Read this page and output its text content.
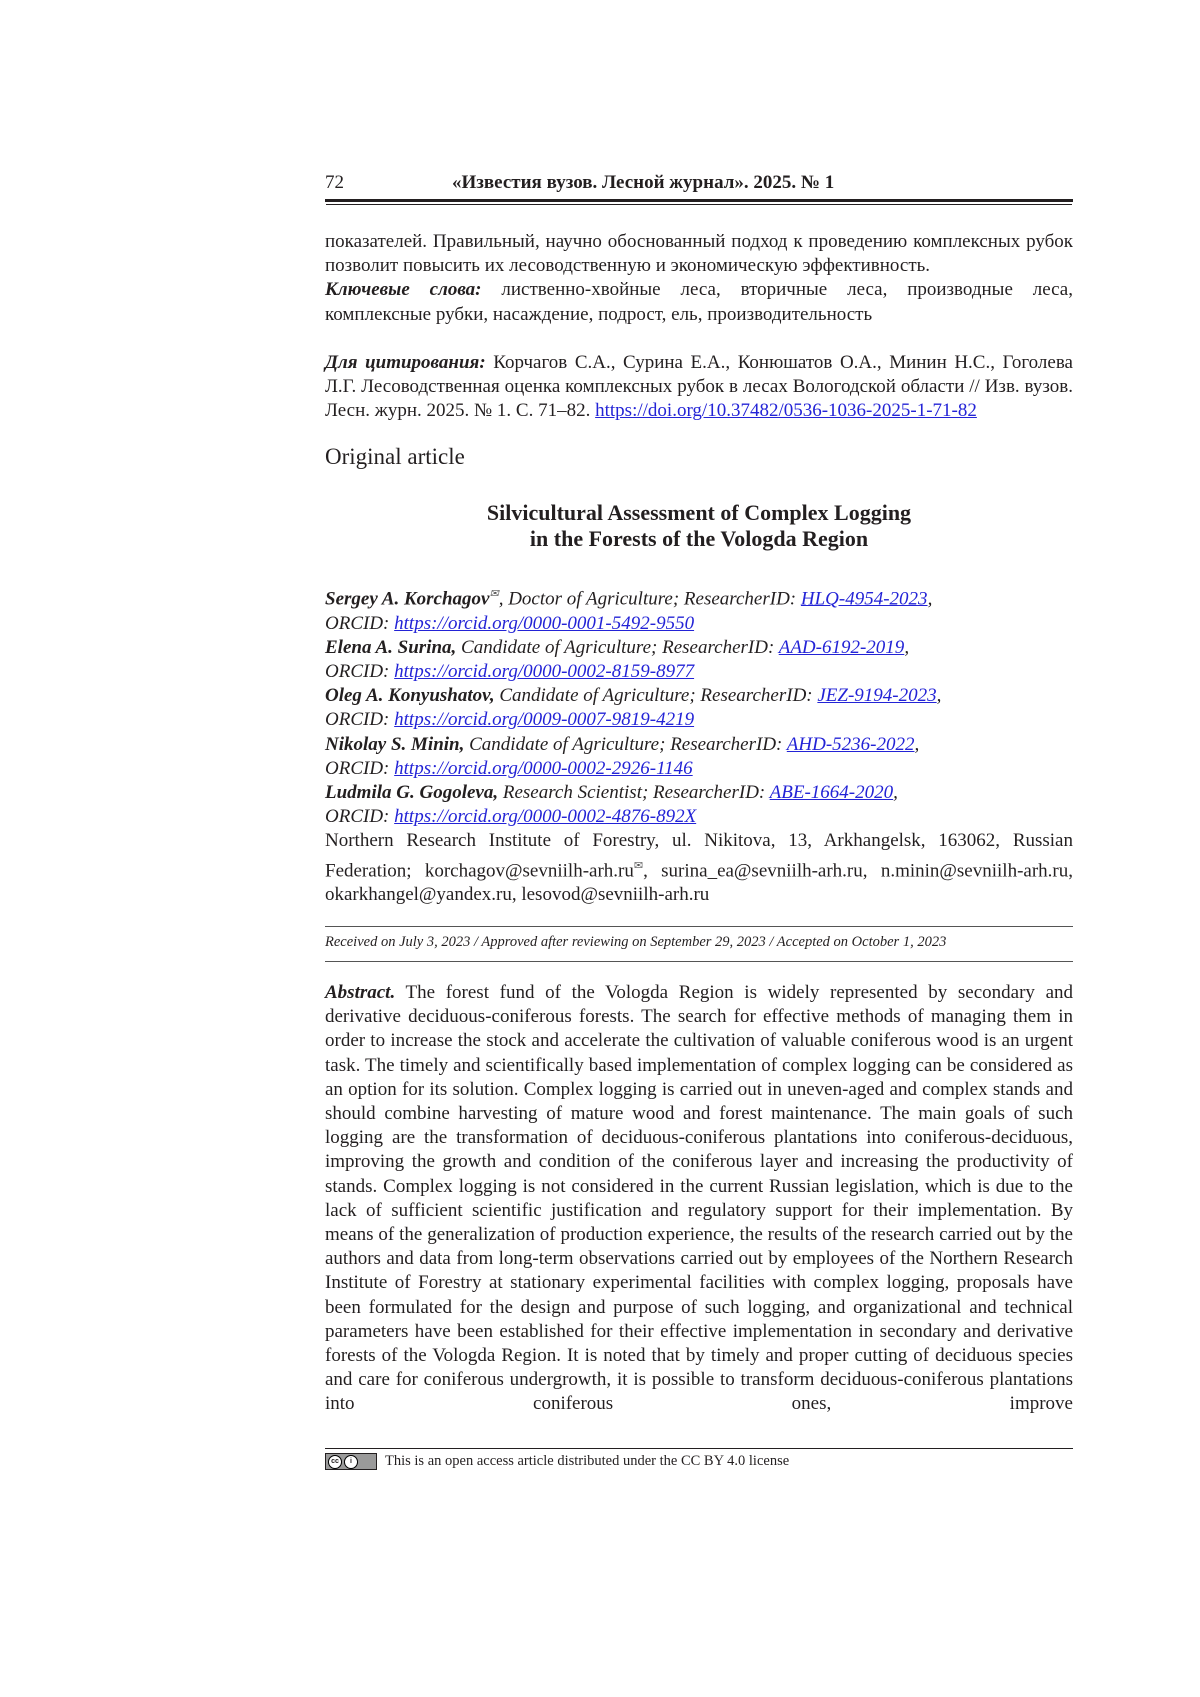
72	«Известия вузов. Лесной журнал». 2025. № 1

показателей. Правильный, научно обоснованный подход к проведению комплексных рубок позволит повысить их лесоводственную и экономическую эффективность.

Ключевые слова: лиственно-хвойные леса, вторичные леса, производные леса, комплексные рубки, насаждение, подрост, ель, производительность

Для цитирования: Корчагов С.А., Сурина Е.А., Конюшатов О.А., Минин Н.С., Гоголева Л.Г. Лесоводственная оценка комплексных рубок в лесах Вологодской области // Изв. вузов. Лесн. журн. 2025. № 1. С. 71–82. https://doi.org/10.37482/0536-1036-2025-1-71-82

Original article
Silvicultural Assessment of Complex Logging
in the Forests of the Vologda Region

Sergey A. Korchagov✉, Doctor of Agriculture; ResearcherID: HLQ-4954-2023,

ORCID: https://orcid.org/0000-0001-5492-9550

Elena A. Surina, Candidate of Agriculture; ResearcherID: AAD-6192-2019,

ORCID: https://orcid.org/0000-0002-8159-8977

Oleg A. Konyushatov, Candidate of Agriculture; ResearcherID: JEZ-9194-2023,

ORCID: https://orcid.org/0009-0007-9819-4219

Nikolay S. Minin, Candidate of Agriculture; ResearcherID: AHD-5236-2022,

ORCID: https://orcid.org/0000-0002-2926-1146

Ludmila G. Gogoleva, Research Scientist; ResearcherID: ABE-1664-2020,

ORCID: https://orcid.org/0000-0002-4876-892X

Northern Research Institute of Forestry, ul. Nikitova, 13, Arkhangelsk, 163062, Russian Federation; korchagov@sevniilh-arh.ru✉, surina_ea@sevniilh-arh.ru, n.minin@sevniilh-arh.ru, okarkhangel@yandex.ru, lesovod@sevniilh-arh.ru

Received on July 3, 2023 / Approved after reviewing on September 29, 2023 / Accepted on October 1, 2023

Abstract. The forest fund of the Vologda Region is widely represented by secondary and derivative deciduous-coniferous forests. The search for effective methods of managing them in order to increase the stock and accelerate the cultivation of valuable coniferous wood is an urgent task. The timely and scientifically based implementation of complex logging can be considered as an option for its solution. Complex logging is carried out in uneven-aged and complex stands and should combine harvesting of mature wood and forest maintenance. The main goals of such logging are the transformation of deciduous-coniferous plantations into coniferous-deciduous, improving the growth and condition of the coniferous layer and increasing the productivity of stands. Complex logging is not considered in the current Russian legislation, which is due to the lack of sufficient scientific justification and regulatory support for their implementation. By means of the generalization of production experience, the results of the research carried out by the authors and data from long-term observations carried out by employees of the Northern Research Institute of Forestry at stationary experimental facilities with complex logging, proposals have been formulated for the design and purpose of such logging, and organizational and technical parameters have been established for their effective implementation in secondary and derivative forests of the Vologda Region. It is noted that by timely and proper cutting of deciduous species and care for coniferous undergrowth, it is possible to transform deciduous-coniferous plantations into coniferous ones, improve

cc	i	This is an open access article distributed under the CC BY 4.0 license
